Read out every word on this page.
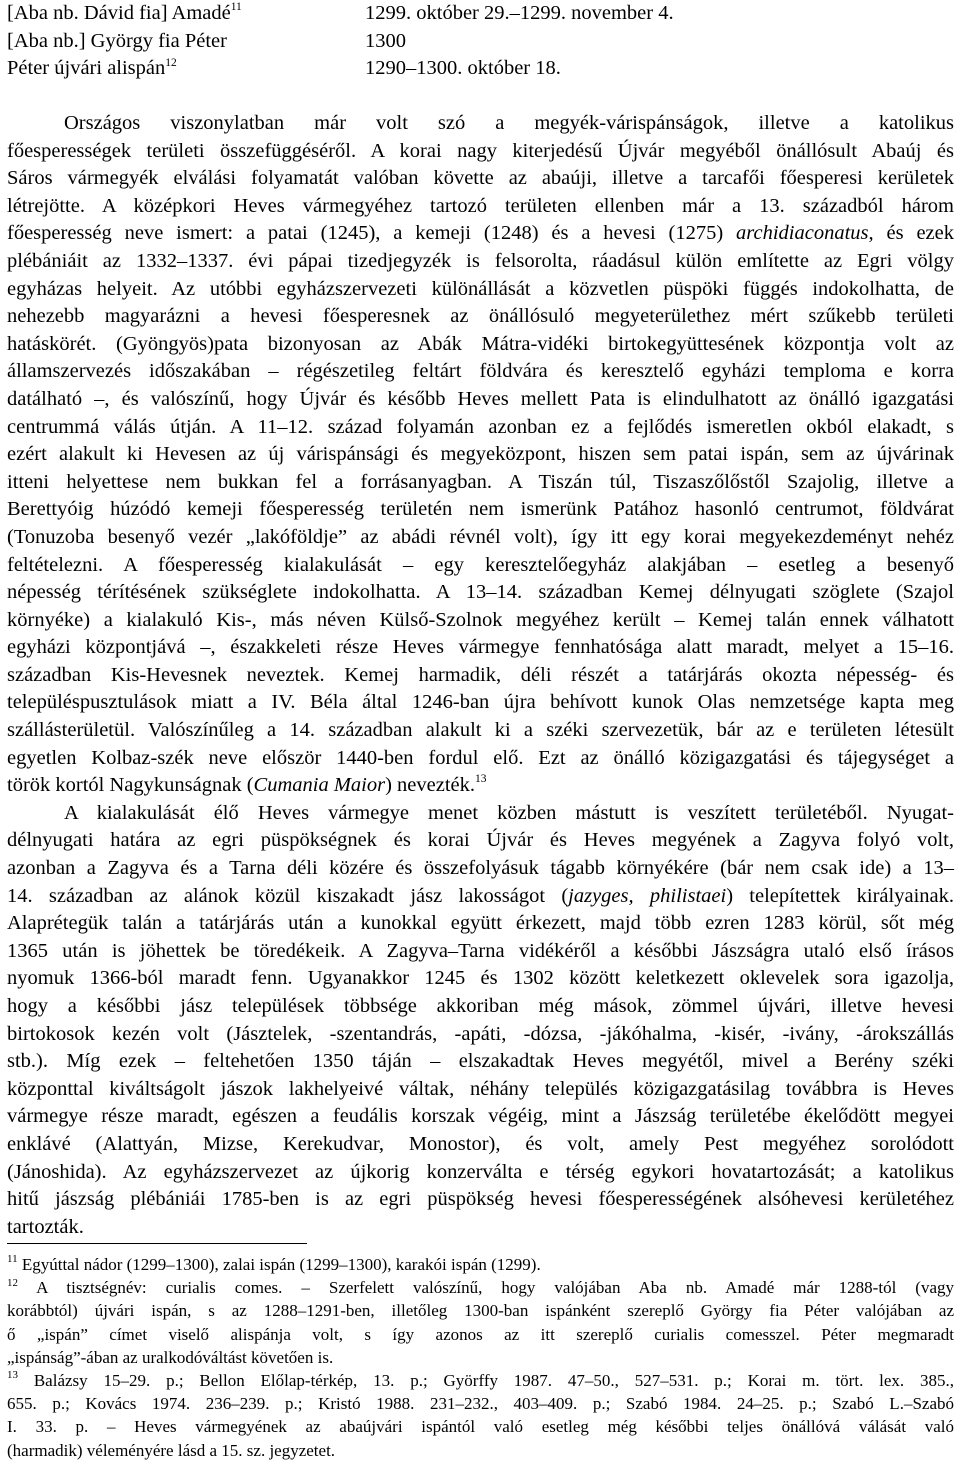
[Aba nb. Dávid fia] Amadé$^{11}$	1299. október 29.–1299. november 4.
[Aba nb.] György fia Péter	1300
Péter újvári alispán$^{12}$	1290–1300. október 18.
Országos viszonylatban már volt szó a megyék-várispánságok, illetve a katolikus
főesperességek területi összefüggéséről. A korai nagy kiterjedésű Újvár megyéből önállósult Abaúj és
Sáros vármegyék elválási folyamatát valóban követte az abaúji, illetve a tarcafői főesperesi kerületek
létrejötte. A középkori Heves vármegyéhez tartozó területen ellenben már a 13. századból három
főesperesség neve ismert: a patai (1245), a kemeji (1248) és a hevesi (1275) archidiaconatus, és ezek
plébániáit az 1332–1337. évi pápai tizedjegyzék is felsorolta, ráadásul külön említette az Egri völgy
egyházas helyeit. Az utóbbi egyházszervezeti különállását a közvetlen püspöki függés indokolhatta, de
nehezebb magyarázni a hevesi főesperesnek az önállósuló megyeterülethez mért szűkebb területi
hatáskörét. (Gyöngyös)pata bizonyosan az Abák Mátra-vidéki birtokegyüttesének központja volt az
államszervezés időszakában – régészetileg feltárt földvára és keresztelő egyházi temploma e korra
datálható –, és valószínű, hogy Újvár és később Heves mellett Pata is elindulhatott az önálló igazgatási
centrummá válás útján. A 11–12. század folyamán azonban ez a fejlődés ismeretlen okból elakadt, s
ezért alakult ki Hevesen az új várispánsági és megyeközpont, hiszen sem patai ispán, sem az újvárinak
itteni helyettese nem bukkan fel a forrásanyagban. A Tiszán túl, Tiszaszőlőstől Szajolig, illetve a
Berettyóig húzódó kemeji főesperesség területén nem ismerünk Patához hasonló centrumot, földvárat
(Tonuzoba besenyő vezér „lakóföldje” az abádi révnél volt), így itt egy korai megyekezdeményt nehéz
feltételezni. A főesperesség kialakulását – egy keresztelőegyház alakjában – esetleg a besenyő
népesség térítésének szükséglete indokolhatta. A 13–14. században Kemej délnyugati szöglete (Szajol
környéke) a kialakuló Kis-, más néven Külső-Szolnok megyéhez került – Kemej talán ennek válhatott
egyházi központjává –, északkeleti része Heves vármegye fennhatósága alatt maradt, melyet a 15–16.
században Kis-Hevesnek neveztek. Kemej harmadik, déli részét a tatárjárás okozta népesség- és
településpusztulások miatt a IV. Béla által 1246-ban újra behívott kunok Olas nemzetsége kapta meg
szállásterületül. Valószínűleg a 14. században alakult ki a széki szervezetük, bár az e területen létesült
egyetlen Kolbaz-szék neve először 1440-ben fordul elő. Ezt az önálló közigazgatási és tájegységet a
török kortól Nagykunságnak (Cumania Maior) nevezték.$^{13}$
A kialakulását élő Heves vármegye menet közben mástutt is veszített területéből. Nyugat-
délnyugati határa az egri püspökségnek és korai Újvár és Heves megyének a Zagyva folyó volt,
azonban a Zagyva és a Tarna déli közére és összefolyásuk tágabb környékére (bár nem csak ide) a 13–
14. században az alánok közül kiszakadt jász lakosságot (jazyges, philistaei) telepítettek királyainak.
Alaprétegük talán a tatárjárás után a kunokkal együtt érkezett, majd több ezren 1283 körül, sőt még
1365 után is jöhettek be töredékeik. A Zagyva–Tarna vidékéről a későbbi Jászságra utaló első írásos
nyomuk 1366-ból maradt fenn. Ugyanakkor 1245 és 1302 között keletkezett oklevelek sora igazolja,
hogy a későbbi jász települések többsége akkoriban még mások, zömmel újvári, illetve hevesi
birtokosok kezén volt (Jásztelek, -szentandrás, -apáti, -dózsa, -jákóhalma, -kisér, -ivány, -árokszállás
stb.). Míg ezek – feltehetően 1350 táján – elszakadtak Heves megyétől, mivel a Berény széki
központtal kiváltságolt jászok lakhelyeivé váltak, néhány település közigazgatásilag továbbra is Heves
vármegye része maradt, egészen a feudális korszak végéig, mint a Jászság területébe ékelődött megyei
enklávé (Alattyán, Mizse, Kerekudvar, Monostor), és volt, amely Pest megyéhez sorolódott
(Jánoshida). Az egyházszervezet az újkorig konzerválta e térség egykori hovatartozását; a katolikus
hitű jászság plébániái 1785-ben is az egri püspökség hevesi főesperességének alsóhevesi kerületéhez
tartozták.
$^{11}$ Egyúttal nádor (1299–1300), zalai ispán (1299–1300), karakói ispán (1299).
$^{12}$ A tisztségnév: curialis comes. – Szerfelett valószínű, hogy valójában Aba nb. Amadé már 1288-tól (vagy
korábbtól) újvári ispán, s az 1288–1291-ben, illetőleg 1300-ban ispánként szereplő György fia Péter valójában az
ő „ispán” címet viselő alispánja volt, s így azonos az itt szereplő curialis comesszel. Péter megmaradt
„ispánság”-ában az uralkodóváltást követően is.
$^{13}$ Balázsy 15–29. p.; Bellon Előlap-térkép, 13. p.; Györffy 1987. 47–50., 527–531. p.; Korai m. tört. lex. 385.,
655. p.; Kovács 1974. 236–239. p.; Kristó 1988. 231–232., 403–409. p.; Szabó 1984. 24–25. p.; Szabó L.–Szabó
I. 33. p. – Heves vármegyének az abaújvári ispántól való esetleg még későbbi teljes önállóvá válását való
(harmadik) véleményére lásd a 15. sz. jegyzetet.
